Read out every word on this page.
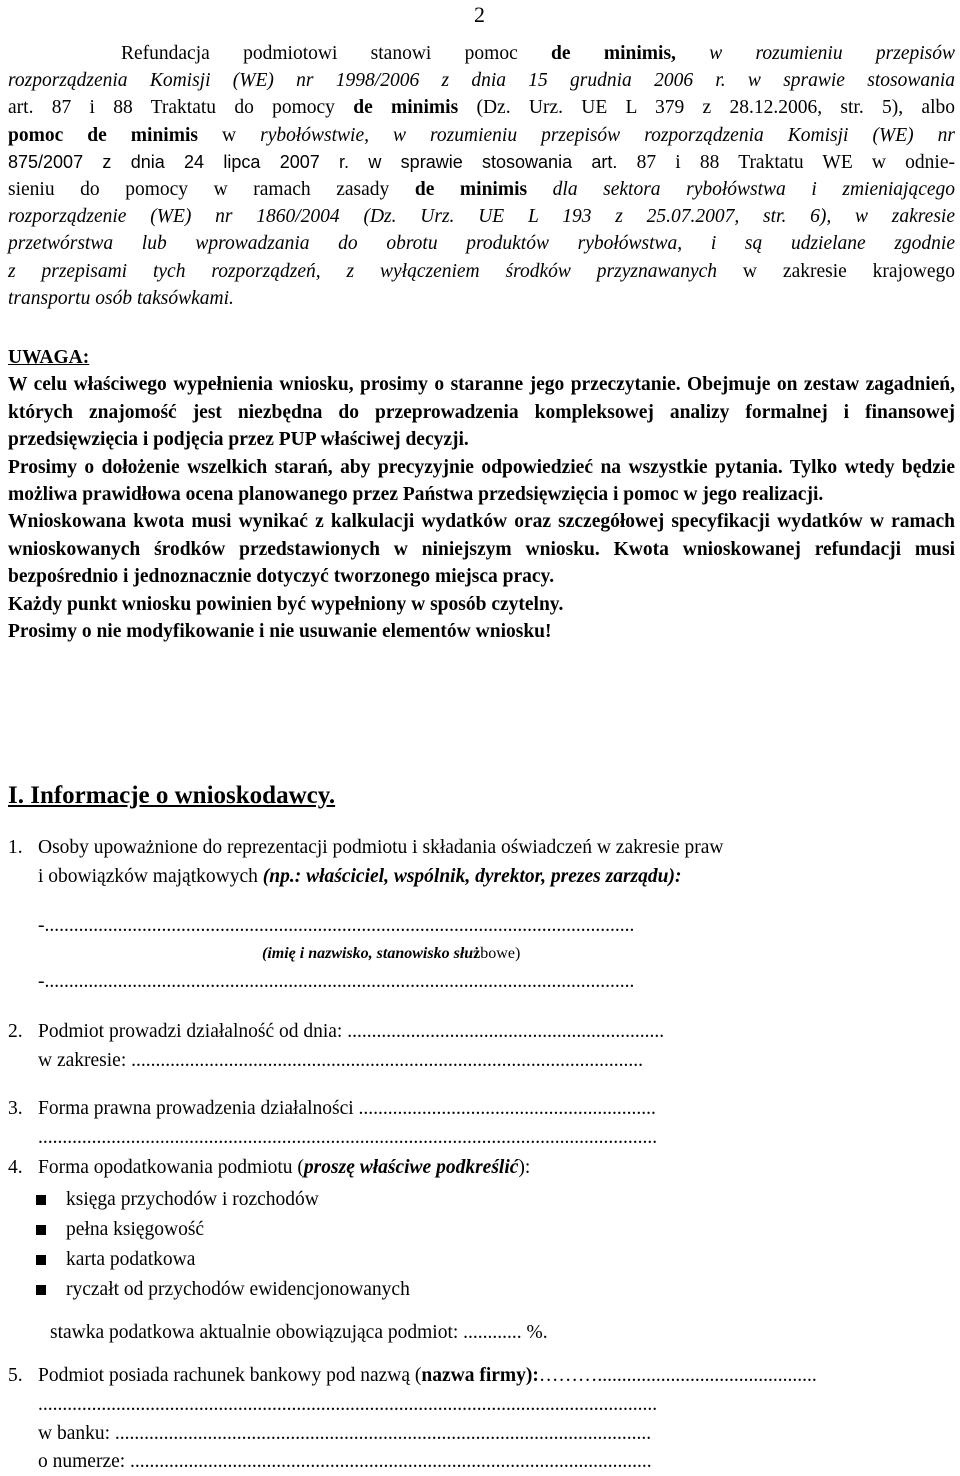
2
Refundacja podmiotowi stanowi pomoc de minimis, w rozumieniu przepisów
rozporządzenia Komisji (WE) nr 1998/2006 z dnia 15 grudnia 2006 r. w sprawie stosowania
art. 87 i 88 Traktatu do pomocy de minimis (Dz. Urz. UE L 379 z 28.12.2006, str. 5), albo
pomoc de minimis w rybołówstwie, w rozumieniu przepisów rozporządzenia Komisji (WE) nr
875/2007 z dnia 24 lipca 2007 r. w sprawie stosowania art. 87 i 88 Traktatu WE w odnie-
sieniu do pomocy w ramach zasady de minimis dla sektora rybołówstwa i zmieniającego
rozporządzenie (WE) nr 1860/2004 (Dz. Urz. UE L 193 z 25.07.2007, str. 6), w zakresie
przetwórstwa lub wprowadzania do obrotu produktów rybołówstwa, i są udzielane zgodnie
z przepisami tych rozporządzeń, z wyłączeniem środków przyznawanych w zakresie krajowego
transportu osób taksówkami.
UWAGA:
W celu właściwego wypełnienia wniosku, prosimy o staranne jego przeczytanie. Obejmuje on zestaw zagadnień, których znajomość jest niezbędna do przeprowadzenia kompleksowej analizy formalnej i finansowej przedsięwzięcia i podjęcia przez PUP właściwej decyzji.
Prosimy o dołożenie wszelkich starań, aby precyzyjnie odpowiedzieć na wszystkie pytania. Tylko wtedy będzie możliwa prawidłowa ocena planowanego przez Państwa przedsięwzięcia i pomoc w jego realizacji.
Wnioskowana kwota musi wynikać z kalkulacji wydatków oraz szczegółowej specyfikacji wydatków w ramach wnioskowanych środków przedstawionych w niniejszym wniosku. Kwota wnioskowanej refundacji musi bezpośrednio i jednoznacznie dotyczyć tworzonego miejsca pracy.
Każdy punkt wniosku powinien być wypełniony w sposób czytelny.
Prosimy o nie modyfikowanie i nie usuwanie elementów wniosku!
I. Informacje o wnioskodawcy.
1. Osoby upoważnione do reprezentacji podmiotu i składania oświadczeń w zakresie praw
i obowiązków majątkowych (np.: właściciel, wspólnik, dyrektor, prezes zarządu):
-.........................................................................................................................
(imię i nazwisko, stanowisko służbowe)
-.........................................................................................................................
2. Podmiot prowadzi działalność od dnia: .................................................................
w zakresie: .........................................................................................................
3. Forma prawna prowadzenia działalności .............................................................
...............................................................................................................................
4. Forma opodatkowania podmiotu (proszę właściwe podkreślić):
księga przychodów i rozchodów
pełna księgowość
karta podatkowa
ryczałt od przychodów ewidencjonowanych
stawka podatkowa aktualnie obowiązująca podmiot: ............ %.
5. Podmiot posiada rachunek bankowy pod nazwą (nazwa firmy):……….............................................
...............................................................................................................................
w banku: ..............................................................................................................
o numerze: ...........................................................................................................
